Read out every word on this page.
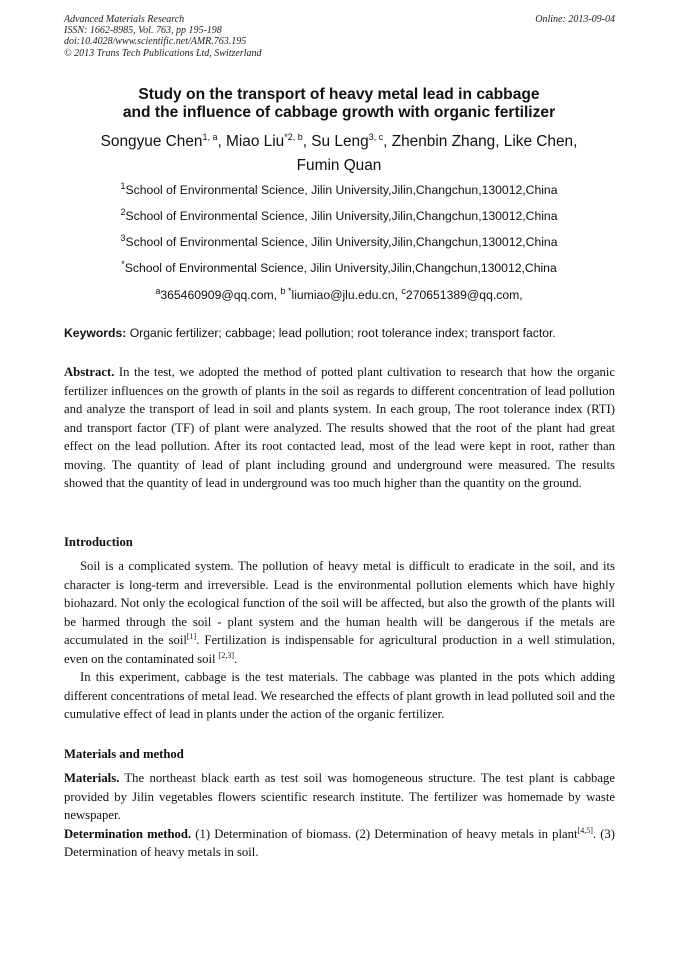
Advanced Materials Research
ISSN: 1662-8985, Vol. 763, pp 195-198
doi:10.4028/www.scientific.net/AMR.763.195
© 2013 Trans Tech Publications Ltd, Switzerland
Online: 2013-09-04
Study on the transport of heavy metal lead in cabbage
and the influence of cabbage growth with organic fertilizer
Songyue Chen$^{1, a}$, Miao Liu$^{*2, b}$, Su Leng$^{3, c}$, Zhenbin Zhang, Like Chen,
Fumin Quan
$^1$School of Environmental Science, Jilin University,Jilin,Changchun,130012,China
$^2$School of Environmental Science, Jilin University,Jilin,Changchun,130012,China
$^3$School of Environmental Science, Jilin University,Jilin,Changchun,130012,China
*School of Environmental Science, Jilin University,Jilin,Changchun,130012,China
$^a$365460909@qq.com, $^{b *}$liumiao@jlu.edu.cn, $^c$270651389@qq.com,
Keywords: Organic fertilizer; cabbage; lead pollution; root tolerance index; transport factor.

Abstract. In the test, we adopted the method of potted plant cultivation to research that how the organic fertilizer influences on the growth of plants in the soil as regards to different concentration of lead pollution and analyze the transport of lead in soil and plants system. In each group, The root tolerance index (RTI) and transport factor (TF) of plant were analyzed. The results showed that the root of the plant had great effect on the lead pollution. After its root contacted lead, most of the lead were kept in root, rather than moving. The quantity of lead of plant including ground and underground were measured. The results showed that the quantity of lead in underground was too much higher than the quantity on the ground.

Introduction

Soil is a complicated system. The pollution of heavy metal is difficult to eradicate in the soil, and its character is long-term and irreversible. Lead is the environmental pollution elements which have highly biohazard. Not only the ecological function of the soil will be affected, but also the growth of the plants will be harmed through the soil - plant system and the human health will be dangerous if the metals are accumulated in the soil[1]. Fertilization is indispensable for agricultural production in a well stimulation, even on the contaminated soil [2,3].

In this experiment, cabbage is the test materials. The cabbage was planted in the pots which adding different concentrations of metal lead. We researched the effects of plant growth in lead polluted soil and the cumulative effect of lead in plants under the action of the organic fertilizer.

Materials and method

Materials. The northeast black earth as test soil was homogeneous structure. The test plant is cabbage provided by Jilin vegetables flowers scientific research institute. The fertilizer was homemade by waste newspaper.

Determination method. (1) Determination of biomass. (2) Determination of heavy metals in plant[4,5]. (3) Determination of heavy metals in soil.
